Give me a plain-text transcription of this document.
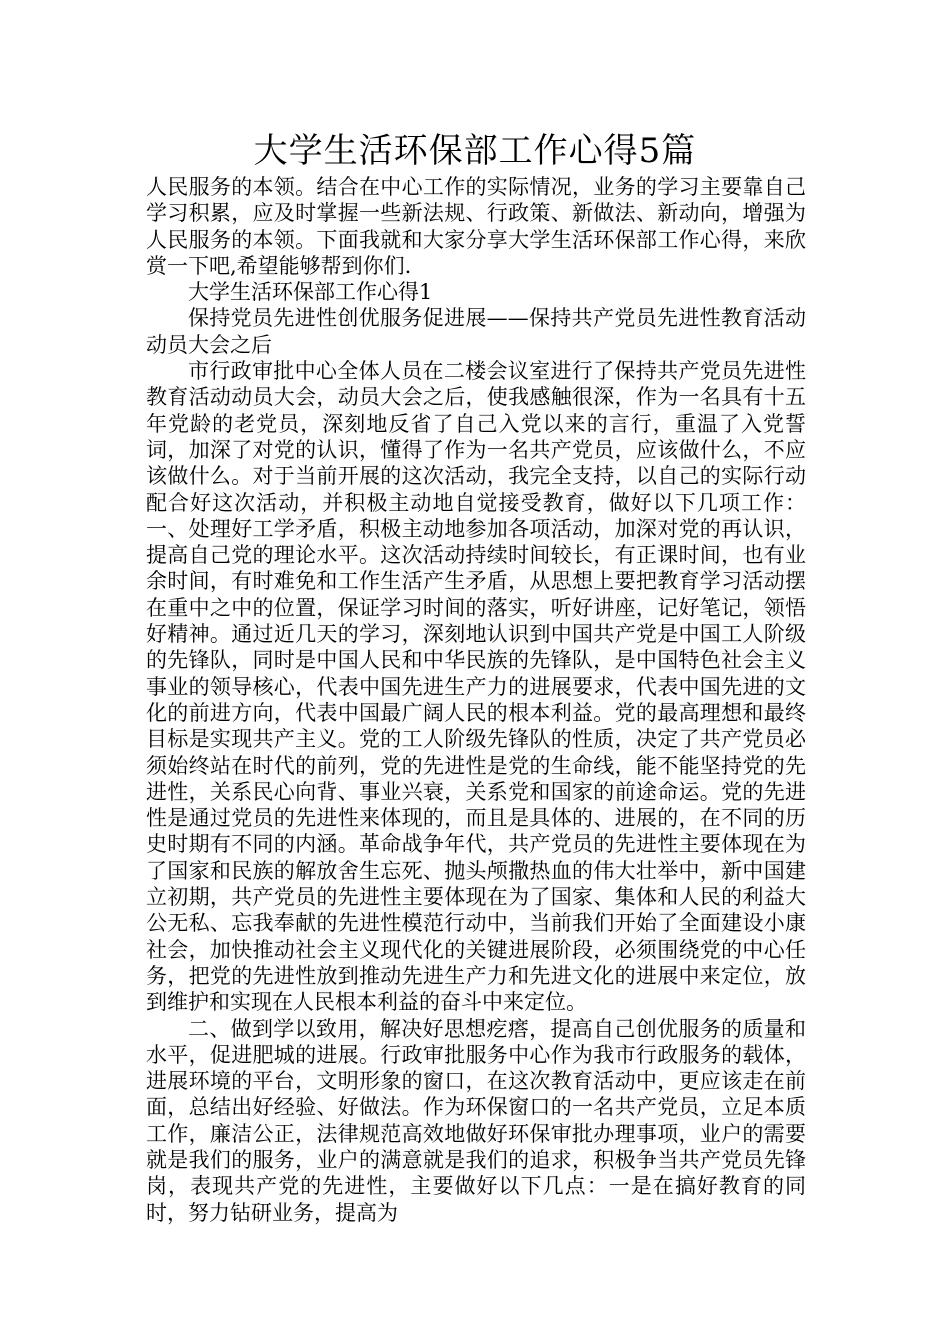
大学生活环保部工作心得5篇

人民服务的本领。结合在中心工作的实际情况，业务的学习主要靠自己学习积累，应及时掌握一些新法规、行政策、新做法、新动向，增强为人民服务的本领。下面我就和大家分享大学生活环保部工作心得，来欣赏一下吧,希望能够帮到你们.

大学生活环保部工作心得1

保持党员先进性创优服务促进展——保持共产党员先进性教育活动动员大会之后

市行政审批中心全体人员在二楼会议室进行了保持共产党员先进性教育活动动员大会，动员大会之后，使我感触很深，作为一名具有十五年党龄的老党员，深刻地反省了自己入党以来的言行，重温了入党誓词，加深了对党的认识，懂得了作为一名共产党员，应该做什么，不应该做什么。对于当前开展的这次活动，我完全支持，以自己的实际行动配合好这次活动，并积极主动地自觉接受教育，做好以下几项工作：一、处理好工学矛盾，积极主动地参加各项活动，加深对党的再认识，提高自己党的理论水平。这次活动持续时间较长，有正课时间，也有业余时间，有时难免和工作生活产生矛盾，从思想上要把教育学习活动摆在重中之中的位置，保证学习时间的落实，听好讲座，记好笔记，领悟好精神。通过近几天的学习，深刻地认识到中国共产党是中国工人阶级的先锋队，同时是中国人民和中华民族的先锋队，是中国特色社会主义事业的领导核心，代表中国先进生产力的进展要求，代表中国先进的文化的前进方向，代表中国最广阔人民的根本利益。党的最高理想和最终目标是实现共产主义。党的工人阶级先锋队的性质，决定了共产党员必须始终站在时代的前列，党的先进性是党的生命线，能不能坚持党的先进性，关系民心向背、事业兴衰，关系党和国家的前途命运。党的先进性是通过党员的先进性来体现的，而且是具体的、进展的，在不同的历史时期有不同的内涵。革命战争年代，共产党员的先进性主要体现在为了国家和民族的解放舍生忘死、抛头颅撒热血的伟大壮举中，新中国建立初期，共产党员的先进性主要体现在为了国家、集体和人民的利益大公无私、忘我奉献的先进性模范行动中，当前我们开始了全面建设小康社会，加快推动社会主义现代化的关键进展阶段，必须围绕党的中心任务，把党的先进性放到推动先进生产力和先进文化的进展中来定位，放到维护和实现在人民根本利益的奋斗中来定位。

二、做到学以致用，解决好思想疙瘩，提高自己创优服务的质量和水平，促进肥城的进展。行政审批服务中心作为我市行政服务的载体，进展环境的平台，文明形象的窗口，在这次教育活动中，更应该走在前面，总结出好经验、好做法。作为环保窗口的一名共产党员，立足本质工作，廉洁公正，法律规范高效地做好环保审批办理事项，业户的需要就是我们的服务，业户的满意就是我们的追求，积极争当共产党员先锋岗，表现共产党的先进性，主要做好以下几点：一是在搞好教育的同时，努力钻研业务，提高为
